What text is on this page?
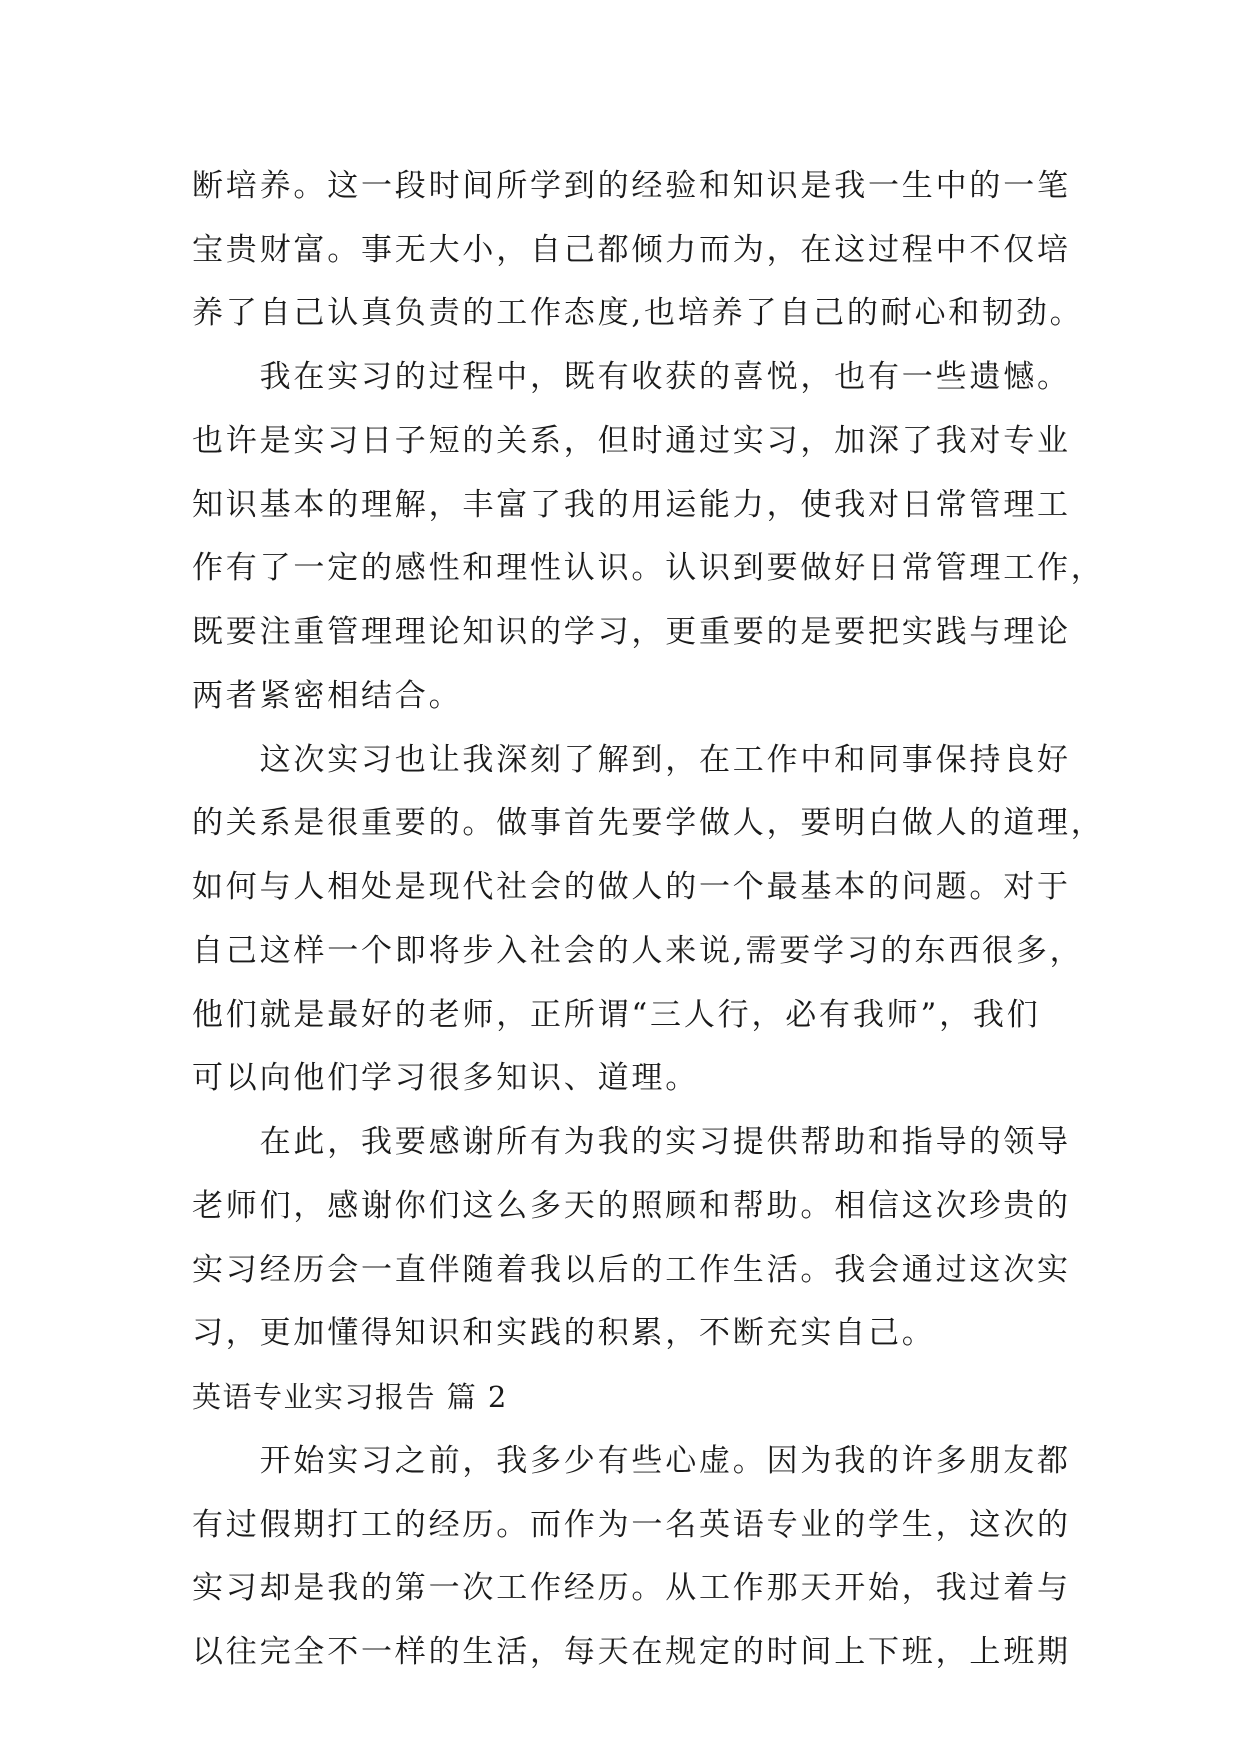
断培养。这一段时间所学到的经验和知识是我一生中的一笔
宝贵财富。事无大小，自己都倾力而为，在这过程中不仅培
养了自己认真负责的工作态度,也培养了自己的耐心和韧劲。
　　我在实习的过程中，既有收获的喜悦，也有一些遗憾。
也许是实习日子短的关系，但时通过实习，加深了我对专业
知识基本的理解，丰富了我的用运能力，使我对日常管理工
作有了一定的感性和理性认识。认识到要做好日常管理工作，
既要注重管理理论知识的学习，更重要的是要把实践与理论
两者紧密相结合。
　　这次实习也让我深刻了解到，在工作中和同事保持良好
的关系是很重要的。做事首先要学做人，要明白做人的道理，
如何与人相处是现代社会的做人的一个最基本的问题。对于
自己这样一个即将步入社会的人来说,需要学习的东西很多，
他们就是最好的老师，正所谓“三人行，必有我师”，我们
可以向他们学习很多知识、道理。
　　在此，我要感谢所有为我的实习提供帮助和指导的领导
老师们，感谢你们这么多天的照顾和帮助。相信这次珍贵的
实习经历会一直伴随着我以后的工作生活。我会通过这次实
习，更加懂得知识和实践的积累，不断充实自己。
英语专业实习报告 篇 2
　　开始实习之前，我多少有些心虚。因为我的许多朋友都
有过假期打工的经历。而作为一名英语专业的学生，这次的
实习却是我的第一次工作经历。从工作那天开始，我过着与
以往完全不一样的生活，每天在规定的时间上下班，上班期
